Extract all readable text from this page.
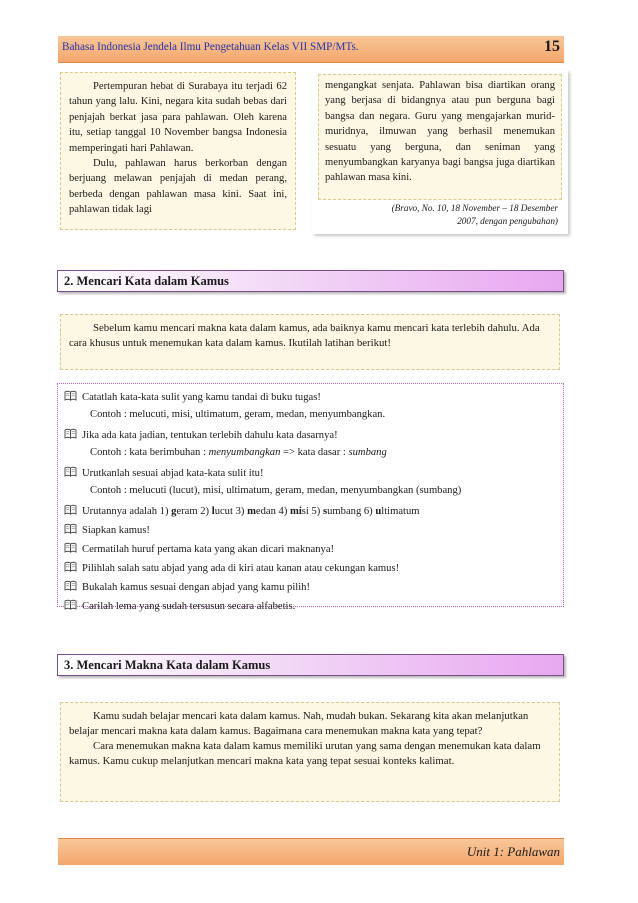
Bahasa Indonesia Jendela Ilmu Pengetahuan Kelas VII SMP/MTs.	15

Pertempuran hebat di Surabaya itu terjadi 62 tahun yang lalu. Kini, negara kita sudah bebas dari penjajah berkat jasa para pahlawan. Oleh karena itu, setiap tanggal 10 November bangsa Indonesia memperingati hari Pahlawan.

Dulu, pahlawan harus berkorban dengan berjuang melawan penjajah di medan perang, berbeda dengan pahlawan masa kini. Saat ini, pahlawan tidak lagi

mengangkat senjata. Pahlawan bisa diartikan orang yang berjasa di bidangnya atau pun berguna bagi bangsa dan negara. Guru yang mengajarkan murid-muridnya, ilmuwan yang berhasil menemukan sesuatu yang berguna, dan seniman yang menyumbangkan karyanya bagi bangsa juga diartikan pahlawan masa kini.

(Bravo, No. 10, 18 November – 18 Desember

2007, dengan pengubahan)

2. Mencari Kata dalam Kamus

Sebelum kamu mencari makna kata dalam kamus, ada baiknya kamu mencari kata terlebih dahulu. Ada cara khusus untuk menemukan kata dalam kamus. Ikutilah latihan berikut!

Catatlah kata-kata sulit yang kamu tandai di buku tugas!
Contoh : melucuti, misi, ultimatum, geram, medan, menyumbangkan.
Jika ada kata jadian, tentukan terlebih dahulu kata dasarnya!
Contoh : kata berimbuhan : menyumbangkan => kata dasar : sumbang
Urutkanlah sesuai abjad kata-kata sulit itu!
Contoh : melucuti (lucut), misi, ultimatum, geram, medan, menyumbangkan (sumbang)
Urutannya adalah 1) geram 2) lucut 3) medan 4) misi 5) sumbang 6) ultimatum
Siapkan kamus!
Cermatilah huruf pertama kata yang akan dicari maknanya!
Pilihlah salah satu abjad yang ada di kiri atau kanan atau cekungan kamus!
Bukalah kamus sesuai dengan abjad yang kamu pilih!
Carilah lema yang sudah tersusun secara alfabetis.
3. Mencari Makna Kata dalam Kamus

Kamu sudah belajar mencari kata dalam kamus. Nah, mudah bukan. Sekarang kita akan melanjutkan belajar mencari makna kata dalam kamus. Bagaimana cara menemukan makna kata yang tepat?

Cara menemukan makna kata dalam kamus memiliki urutan yang sama dengan menemukan kata dalam kamus. Kamu cukup melanjutkan mencari makna kata yang tepat sesuai konteks kalimat.

Unit 1: Pahlawan
